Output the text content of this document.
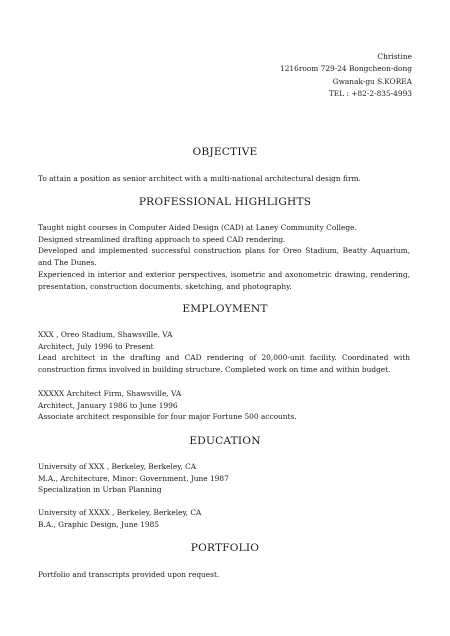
Christine
1216room 729-24 Bongcheon-dong
Gwanak-gu S.KOREA
TEL : +82-2-835-4993
OBJECTIVE

To attain a position as senior architect with a multi-national architectural design firm.

PROFESSIONAL HIGHLIGHTS

Taught night courses in Computer Aided Design (CAD) at Laney Community College.

Designed streamlined drafting approach to speed CAD rendering.

Developed and implemented successful construction plans for Oreo Stadium, Beatty Aquarium, and The Dunes.

Experienced in interior and exterior perspectives, isometric and axonometric drawing, rendering, presentation, construction documents, sketching, and photography.

EMPLOYMENT

XXX , Oreo Stadium, Shawsville, VA

Architect, July 1996 to Present

Lead architect in the drafting and CAD rendering of 20,000-unit facility. Coordinated with construction firms involved in building structure. Completed work on time and within budget.

XXXXX Architect Firm, Shawsville, VA

Architect, January 1986 to June 1996

Associate architect responsible for four major Fortune 500 accounts.

EDUCATION

University of XXX , Berkeley, Berkeley, CA

M.A., Architecture, Minor: Government, June 1987

Specialization in Urban Planning

University of XXXX , Berkeley, Berkeley, CA

B.A., Graphic Design, June 1985

PORTFOLIO

Portfolio and transcripts provided upon request.
